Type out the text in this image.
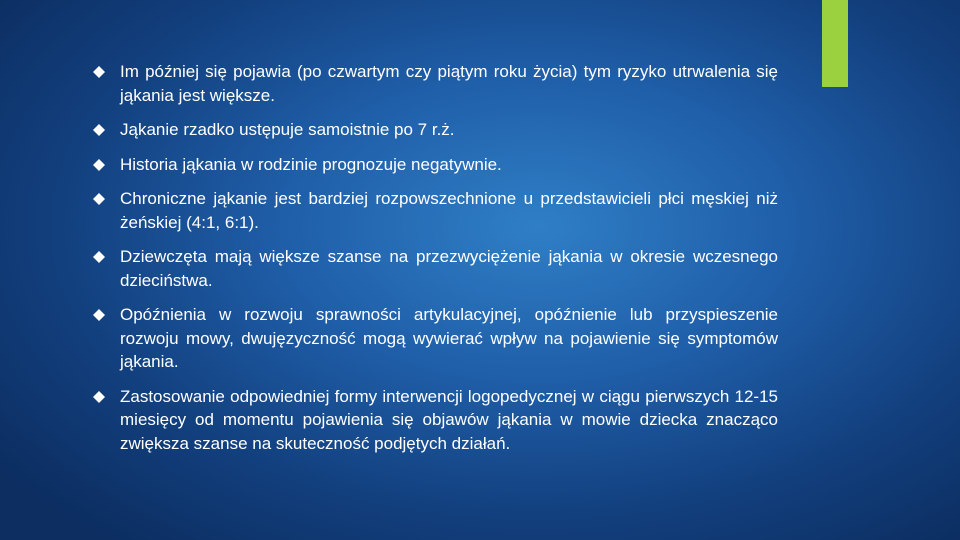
Im później się pojawia (po czwartym czy piątym roku życia) tym ryzyko utrwalenia się jąkania jest większe.
Jąkanie rzadko ustępuje samoistnie po 7 r.ż.
Historia jąkania w rodzinie prognozuje negatywnie.
Chroniczne jąkanie jest bardziej rozpowszechnione u przedstawicieli płci męskiej niż żeńskiej (4:1, 6:1).
Dziewczęta mają większe szanse na przezwyciężenie jąkania w okresie wczesnego dzieciństwa.
Opóźnienia w rozwoju sprawności artykulacyjnej, opóźnienie lub przyspieszenie rozwoju mowy, dwujęzyczność mogą wywierać wpływ na pojawienie się symptomów jąkania.
Zastosowanie odpowiedniej formy interwencji logopedycznej w ciągu pierwszych 12-15 miesięcy od momentu pojawienia się objawów jąkania w mowie dziecka znacząco zwiększa szanse na skuteczność podjętych działań.
